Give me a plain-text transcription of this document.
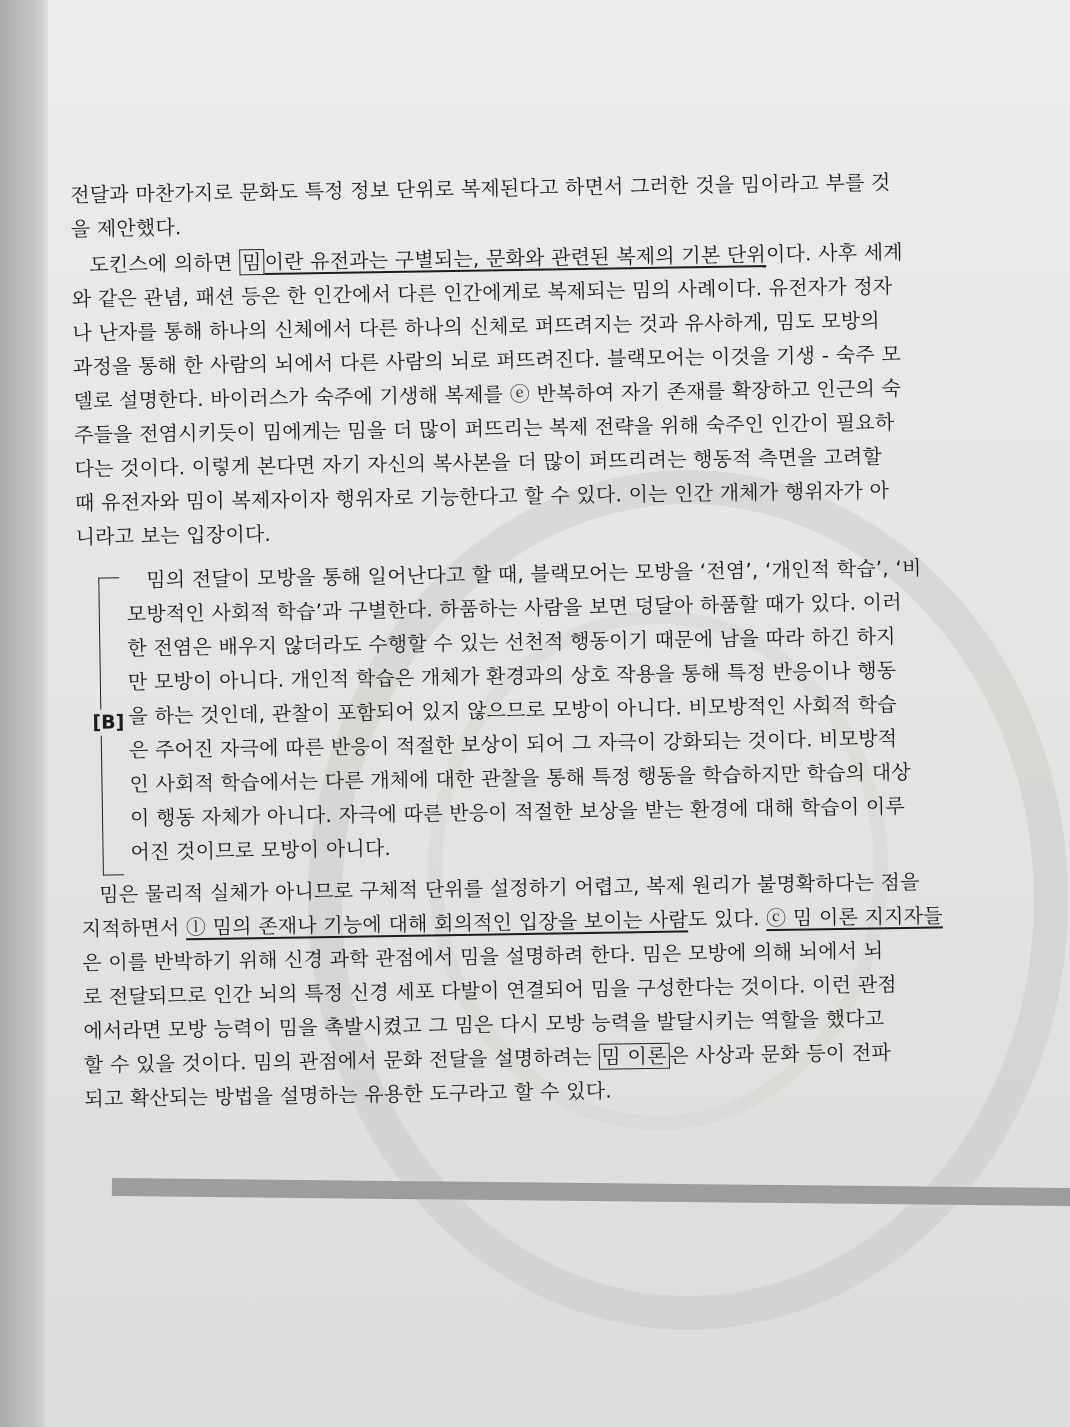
전달과 마찬가지로 문화도 특정 정보 단위로 복제된다고 하면서 그러한 것을 밈이라고 부를 것
을 제안했다.
도킨스에 의하면 밈 이란 유전과는 구별되는, 문화와 관련된 복제의 기본 단위이다. 사후 세계
와 같은 관념, 패션 등은 한 인간에서 다른 인간에게로 복제되는 밈의 사례이다. 유전자가 정자
나 난자를 통해 하나의 신체에서 다른 하나의 신체로 퍼뜨려지는 것과 유사하게, 밈도 모방의
과정을 통해 한 사람의 뇌에서 다른 사람의 뇌로 퍼뜨려진다. 블랙모어는 이것을 기생 - 숙주 모
델로 설명한다. 바이러스가 숙주에 기생해 복제를 ⓔ 반복하여 자기 존재를 확장하고 인근의 숙
주들을 전염시키듯이 밈에게는 밈을 더 많이 퍼뜨리는 복제 전략을 위해 숙주인 인간이 필요하
다는 것이다. 이렇게 본다면 자기 자신의 복사본을 더 많이 퍼뜨리려는 행동적 측면을 고려할
때 유전자와 밈이 복제자이자 행위자로 기능한다고 할 수 있다. 이는 인간 개체가 행위자가 아
니라고 보는 입장이다.
[B]
밈의 전달이 모방을 통해 일어난다고 할 때, 블랙모어는 모방을 ‘전염’, ‘개인적 학습’, ‘비
모방적인 사회적 학습’과 구별한다. 하품하는 사람을 보면 덩달아 하품할 때가 있다. 이러
한 전염은 배우지 않더라도 수행할 수 있는 선천적 행동이기 때문에 남을 따라 하긴 하지
만 모방이 아니다. 개인적 학습은 개체가 환경과의 상호 작용을 통해 특정 반응이나 행동
을 하는 것인데, 관찰이 포함되어 있지 않으므로 모방이 아니다. 비모방적인 사회적 학습
은 주어진 자극에 따른 반응이 적절한 보상이 되어 그 자극이 강화되는 것이다. 비모방적
인 사회적 학습에서는 다른 개체에 대한 관찰을 통해 특정 행동을 학습하지만 학습의 대상
이 행동 자체가 아니다. 자극에 따른 반응이 적절한 보상을 받는 환경에 대해 학습이 이루
어진 것이므로 모방이 아니다.
밈은 물리적 실체가 아니므로 구체적 단위를 설정하기 어렵고, 복제 원리가 불명확하다는 점을
지적하면서 ⓛ 밈의 존재나 기능에 대해 회의적인 입장을 보이는 사람도 있다. ⓒ 밈 이론 지지자들
은 이를 반박하기 위해 신경 과학 관점에서 밈을 설명하려 한다. 밈은 모방에 의해 뇌에서 뇌
로 전달되므로 인간 뇌의 특정 신경 세포 다발이 연결되어 밈을 구성한다는 것이다. 이런 관점
에서라면 모방 능력이 밈을 촉발시켰고 그 밈은 다시 모방 능력을 발달시키는 역할을 했다고
할 수 있을 것이다. 밈의 관점에서 문화 전달을 설명하려는 밈 이론 은 사상과 문화 등이 전파
되고 확산되는 방법을 설명하는 유용한 도구라고 할 수 있다.
